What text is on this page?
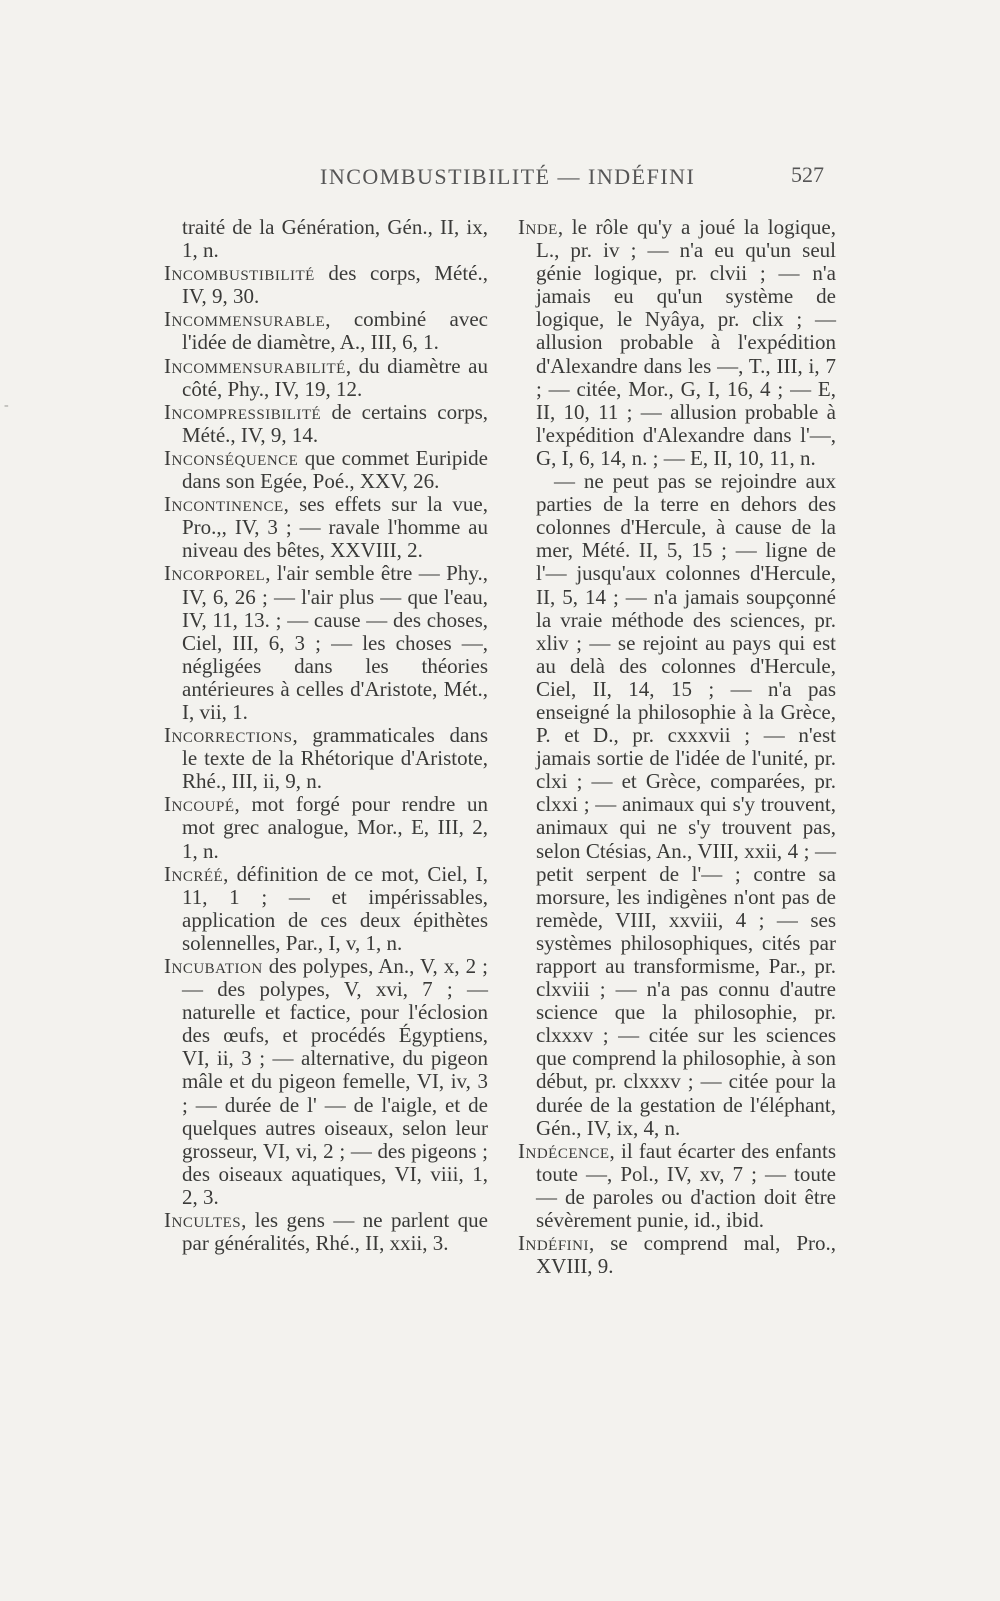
INCOMBUSTIBILITÉ — INDÉFINI	527
-

traité de la Génération, Gén., II, ix, 1, n.

Incombustibilité des corps, Mété., IV, 9, 30.

Incommensurable, combiné avec l'idée de diamètre, A., III, 6, 1.

Incommensurabilité, du diamètre au côté, Phy., IV, 19, 12.

Incompressibilité de certains corps, Mété., IV, 9, 14.

Inconséquence que commet Euripide dans son Egée, Poé., XXV, 26.

Incontinence, ses effets sur la vue, Pro.,, IV, 3 ; — ravale l'homme au niveau des bêtes, XXVIII, 2.

Incorporel, l'air semble être — Phy., IV, 6, 26 ; — l'air plus — que l'eau, IV, 11, 13. ; — cause — des choses, Ciel, III, 6, 3 ; — les choses —, négligées dans les théories antérieures à celles d'Aristote, Mét., I, vii, 1.

Incorrections, grammaticales dans le texte de la Rhétorique d'Aristote, Rhé., III, ii, 9, n.

Incoupé, mot forgé pour rendre un mot grec analogue, Mor., E, III, 2, 1, n.

Incréé, définition de ce mot, Ciel, I, 11, 1 ; — et impérissables, application de ces deux épithètes solennelles, Par., I, v, 1, n.

Incubation des polypes, An., V, x, 2 ; — des polypes, V, xvi, 7 ; — naturelle et factice, pour l'éclosion des œufs, et procédés Égyptiens, VI, ii, 3 ; — alternative, du pigeon mâle et du pigeon femelle, VI, iv, 3 ; — durée de l' — de l'aigle, et de quelques autres oiseaux, selon leur grosseur, VI, vi, 2 ; — des pigeons ; des oiseaux aquatiques, VI, viii, 1, 2, 3.

Incultes, les gens — ne parlent que par généralités, Rhé., II, xxii, 3.

Inde, le rôle qu'y a joué la logique, L., pr. iv ; — n'a eu qu'un seul génie logique, pr. clvii ; — n'a jamais eu qu'un système de logique, le Nyâya, pr. clix ; — allusion probable à l'expédition d'Alexandre dans les —, T., III, i, 7 ; — citée, Mor., G, I, 16, 4 ; — E, II, 10, 11 ; — allusion probable à l'expédition d'Alexandre dans l'—, G, I, 6, 14, n. ; — E, II, 10, 11, n.

— ne peut pas se rejoindre aux parties de la terre en dehors des colonnes d'Hercule, à cause de la mer, Mété. II, 5, 15 ; — ligne de l'— jusqu'aux colonnes d'Hercule, II, 5, 14 ; — n'a jamais soupçonné la vraie méthode des sciences, pr. xliv ; — se rejoint au pays qui est au delà des colonnes d'Hercule, Ciel, II, 14, 15 ; — n'a pas enseigné la philosophie à la Grèce, P. et D., pr. cxxxvii ; — n'est jamais sortie de l'idée de l'unité, pr. clxi ; — et Grèce, comparées, pr. clxxi ; — animaux qui s'y trouvent, animaux qui ne s'y trouvent pas, selon Ctésias, An., VIII, xxii, 4 ; — petit serpent de l'— ; contre sa morsure, les indigènes n'ont pas de remède, VIII, xxviii, 4 ; — ses systèmes philosophiques, cités par rapport au transformisme, Par., pr. clxviii ; — n'a pas connu d'autre science que la philosophie, pr. clxxxv ; — citée sur les sciences que comprend la philosophie, à son début, pr. clxxxv ; — citée pour la durée de la gestation de l'éléphant, Gén., IV, ix, 4, n.

Indécence, il faut écarter des enfants toute —, Pol., IV, xv, 7 ; — toute — de paroles ou d'action doit être sévèrement punie, id., ibid.

Indéfini, se comprend mal, Pro., XVIII, 9.
